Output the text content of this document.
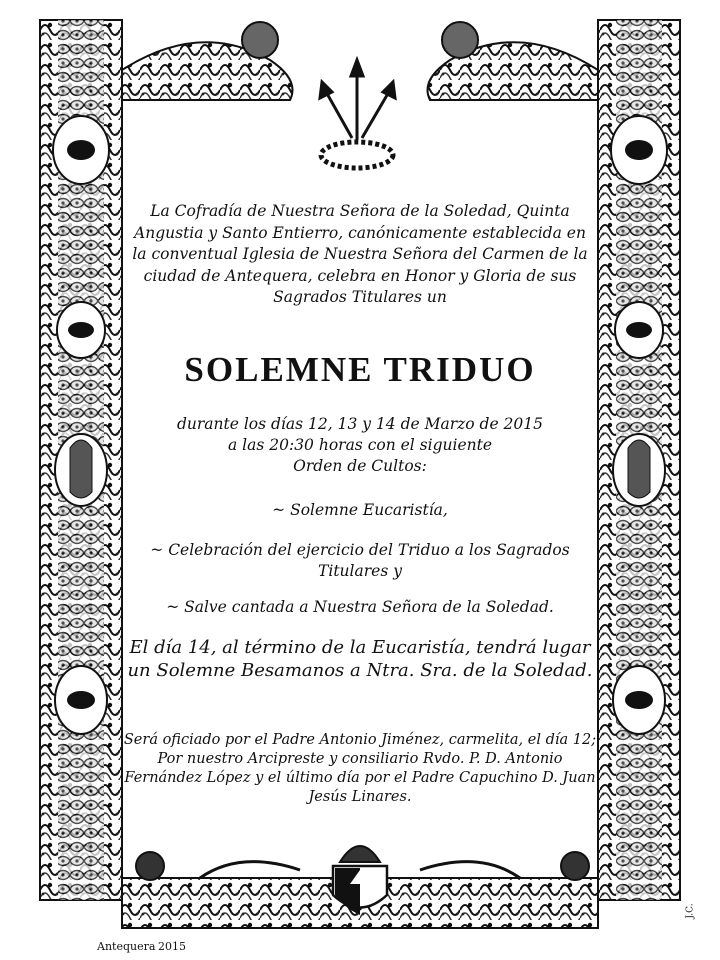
La Cofradía de Nuestra Señora de la Soledad, Quinta Angustia y Santo Entierro, canónicamente establecida en la conventual Iglesia de Nuestra Señora del Carmen de la ciudad de Antequera, celebra en Honor y Gloria de sus Sagrados Titulares un
SOLEMNE TRIDUO
durante los días 12, 13 y 14 de Marzo de 2015
a las 20:30 horas con el siguiente
Orden de Cultos:
~ Solemne Eucaristía,
~ Celebración del ejercicio del Triduo a los Sagrados Titulares y
~ Salve cantada a Nuestra Señora de la Soledad.
El día 14, al término de la Eucaristía, tendrá lugar un Solemne Besamanos a Ntra. Sra. de la Soledad.
Será oficiado por el Padre Antonio Jiménez, carmelita, el día 12; Por nuestro Arcipreste y consiliario Rvdo. P. D. Antonio Fernández López y el último día por el Padre Capuchino D. Juan Jesús Linares.
Antequera 2015
J.C.
